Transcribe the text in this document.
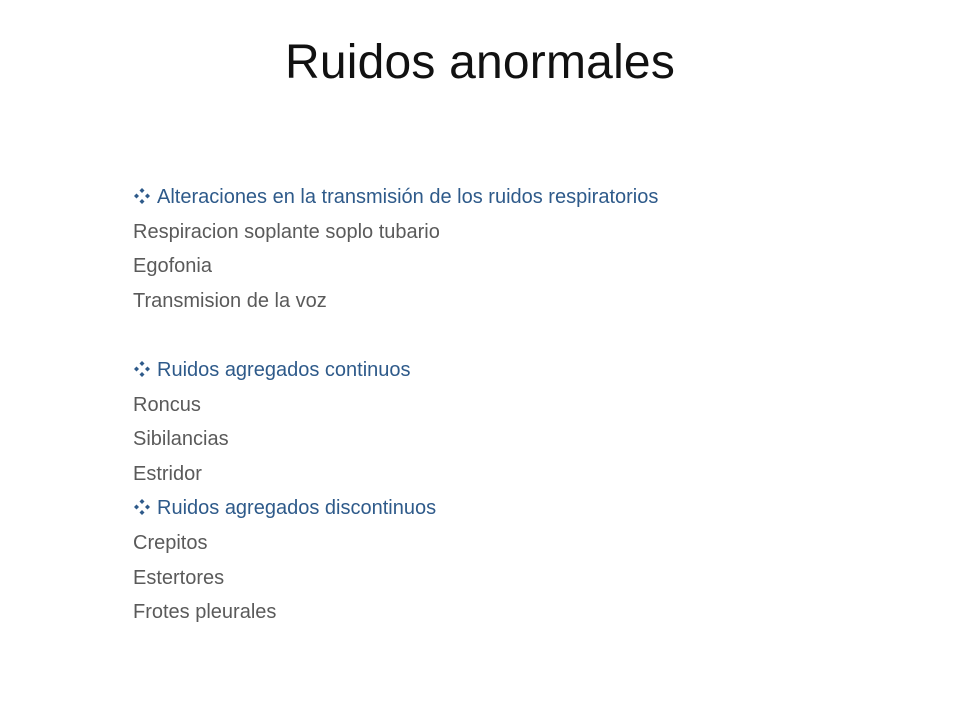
Ruidos anormales
Alteraciones en la transmisión de los ruidos respiratorios
Respiracion soplante soplo tubario
Egofonia
Transmision de la voz
Ruidos agregados continuos
Roncus
Sibilancias
Estridor
Ruidos agregados discontinuos
Crepitos
Estertores
Frotes pleurales
